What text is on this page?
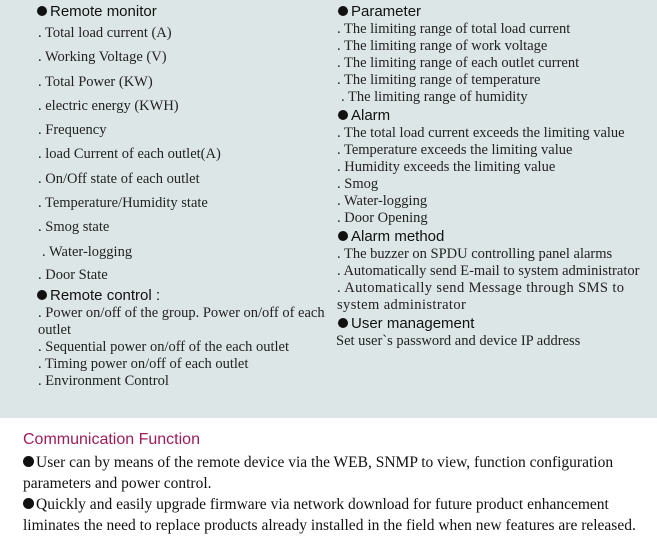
Remote monitor

. Total load current (A)

. Working Voltage (V)

. Total Power (KW)

. electric energy (KWH)

. Frequency

. load Current of each outlet(A)

. On/Off state of each outlet

. Temperature/Humidity state

. Smog state

. Water-logging

. Door State

Remote control :

. Power on/off of the group. Power on/off of each outlet

. Sequential power on/off of the each outlet

. Timing power on/off of each outlet

. Environment Control

Parameter

. The limiting range of total load current

. The limiting range of work voltage

. The limiting range of each outlet current

. The limiting range of temperature

. The limiting range of humidity

Alarm

. The total load current exceeds the limiting value

. Temperature exceeds the limiting value

. Humidity exceeds the limiting value

. Smog

. Water-logging

. Door Opening

Alarm method

. The buzzer on SPDU controlling panel alarms

. Automatically send E-mail to system administrator

. Automatically send Message through SMS to system administrator

User management

Set user`s password and device IP address

Communication Function

User can by means of the remote device via the WEB, SNMP to view, function configuration parameters and power control.

Quickly and easily upgrade firmware via network download for future product enhancement liminates the need to replace products already installed in the field when new features are released.
